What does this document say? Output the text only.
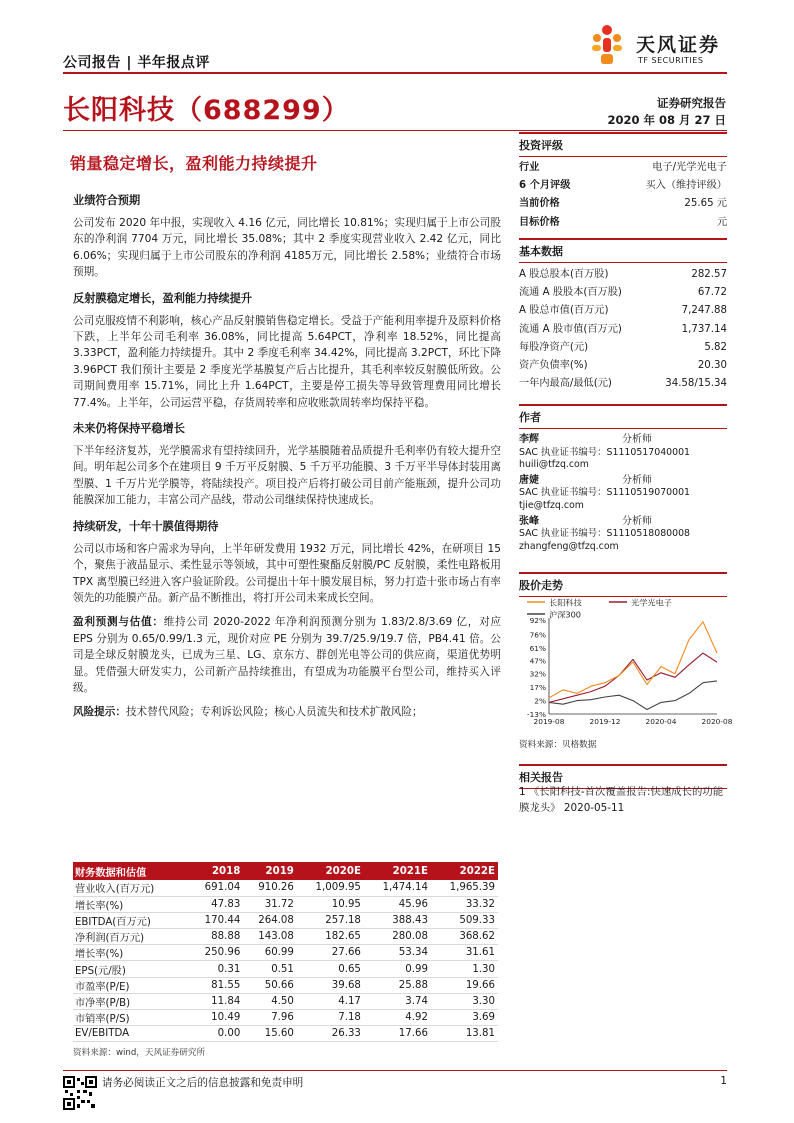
公司报告 | 半年报点评
天风证券
TF SECURITIES
长阳科技（688299）	证券研究报告
2020 年 08 月 27 日
销量稳定增长，盈利能力持续提升
业绩符合预期
公司发布 2020 年中报，实现收入 4.16 亿元，同比增长 10.81%；实现归属于上市公司股东的净利润 7704 万元，同比增长 35.08%；其中 2 季度实现营业收入 2.42 亿元，同比 6.06%；实现归属于上市公司股东的净利润 4185万元，同比增长 2.58%；业绩符合市场预期。
反射膜稳定增长，盈利能力持续提升
公司克服疫情不利影响，核心产品反射膜销售稳定增长。受益于产能利用率提升及原料价格下跌，上半年公司毛利率 36.08%，同比提高 5.64PCT，净利率 18.52%，同比提高 3.33PCT，盈利能力持续提升。其中 2 季度毛利率 34.42%，同比提高 3.2PCT，环比下降 3.96PCT 我们预计主要是 2 季度光学基膜复产后占比提升，其毛利率较反射膜低所致。公司期间费用率 15.71%，同比上升 1.64PCT，主要是停工损失等导致管理费用同比增长 77.4%。上半年，公司运营平稳，存货周转率和应收账款周转率均保持平稳。
未来仍将保持平稳增长
下半年经济复苏，光学膜需求有望持续回升，光学基膜随着品质提升毛利率仍有较大提升空间。明年起公司多个在建项目 9 千万平反射膜、5 千万平功能膜、3 千万平半导体封装用离型膜、1 千万片光学膜等，将陆续投产。项目投产后将打破公司目前产能瓶颈，提升公司功能膜深加工能力，丰富公司产品线，带动公司继续保持快速成长。
持续研发，十年十膜值得期待
公司以市场和客户需求为导向，上半年研发费用 1932 万元，同比增长 42%，在研项目 15 个，聚焦于液晶显示、柔性显示等领域，其中可塑性聚酯反射膜/PC 反射膜，柔性电路板用 TPX 离型膜已经进入客户验证阶段。公司提出十年十膜发展目标，努力打造十张市场占有率领先的功能膜产品。新产品不断推出，将打开公司未来成长空间。
盈利预测与估值：维持公司 2020-2022 年净利润预测分别为 1.83/2.8/3.69 亿，对应 EPS 分别为 0.65/0.99/1.3 元，现价对应 PE 分别为 39.7/25.9/19.7 倍，PB4.41 倍。公司是全球反射膜龙头，已成为三星、LG、京东方、群创光电等公司的供应商，渠道优势明显。凭借强大研发实力，公司新产品持续推出，有望成为功能膜平台型公司，维持买入评级。
风险提示：技术替代风险；专利诉讼风险；核心人员流失和技术扩散风险；
投资评级
行业	电子/光学光电子
6 个月评级	买入（维持评级）
当前价格	25.65 元
目标价格	元
基本数据
A 股总股本(百万股)	282.57
流通 A 股股本(百万股)	67.72
A 股总市值(百万元)	7,247.88
流通 A 股市值(百万元)	1,737.14
每股净资产(元)	5.82
资产负债率(%)	20.30
一年内最高/最低(元)	34.58/15.34
作者
李辉	分析师
SAC 执业证书编号：S1110517040001
huili@tfzq.com
唐婕	分析师
SAC 执业证书编号：S1110519070001
tjie@tfzq.com
张峰	分析师
SAC 执业证书编号：S1110518080008
zhangfeng@tfzq.com
股价走势
长阳科技	光学光电子
沪深300
92%
76%
61%
47%
32%
17%
2%
-13%
2019-08	2019-12	2020-04	2020-08
资料来源：贝格数据
相关报告
1 《长阳科技-首次覆盖报告:快速成长的功能膜龙头》 2020-05-11
财务数据和估值	2018	2019	2020E	2021E	2022E
营业收入(百万元)	691.04	910.26	1,009.95	1,474.14	1,965.39
增长率(%)	47.83	31.72	10.95	45.96	33.32
EBITDA(百万元)	170.44	264.08	257.18	388.43	509.33
净利润(百万元)	88.88	143.08	182.65	280.08	368.62
增长率(%)	250.96	60.99	27.66	53.34	31.61
EPS(元/股)	0.31	0.51	0.65	0.99	1.30
市盈率(P/E)	81.55	50.66	39.68	25.88	19.66
市净率(P/B)	11.84	4.50	4.17	3.74	3.30
市销率(P/S)	10.49	7.96	7.18	4.92	3.69
EV/EBITDA	0.00	15.60	26.33	17.66	13.81
资料来源：wind，天风证券研究所
请务必阅读正文之后的信息披露和免责申明	1
